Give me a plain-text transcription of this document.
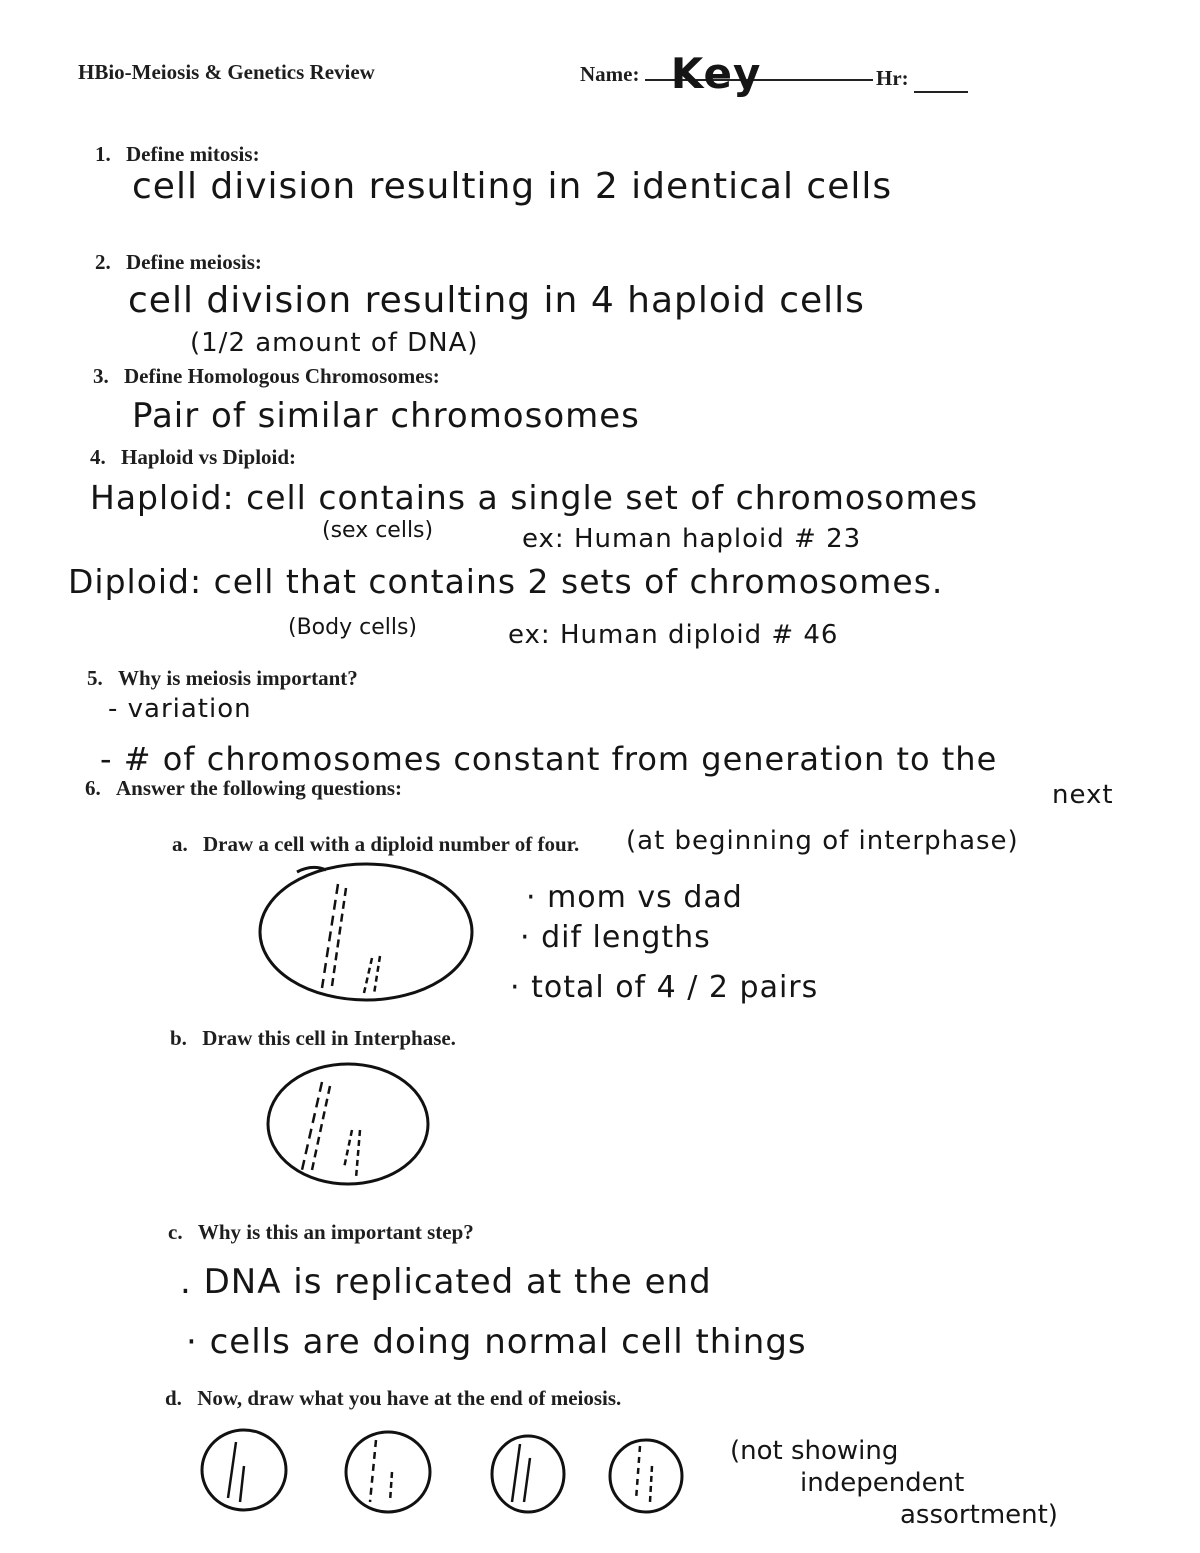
HBio-Meiosis & Genetics Review	Name: Key	Hr:
1. Define mitosis:
cell division resulting in 2 identical cells
2. Define meiosis:
cell division resulting in 4 haploid cells
(1/2 amount of DNA)
3. Define Homologous Chromosomes:
Pair of similar chromosomes
4. Haploid vs Diploid:
Haploid: cell contains a single set of chromosomes
(sex cells)	ex: Human haploid # 23
Diploid: cell that contains 2 sets of chromosomes.
(Body cells)	ex: Human diploid # 46
5. Why is meiosis important?
- variation
- # of chromosomes constant from generation to the
next
6. Answer the following questions:
a. Draw a cell with a diploid number of four. (at beginning of interphase)
· mom vs dad
· dif lengths
· total of 4 / 2 pairs
b. Draw this cell in Interphase.
c. Why is this an important step?
. DNA is replicated at the end
· cells are doing normal cell things
d. Now, draw what you have at the end of meiosis.
(not showing
independent
assortment)
